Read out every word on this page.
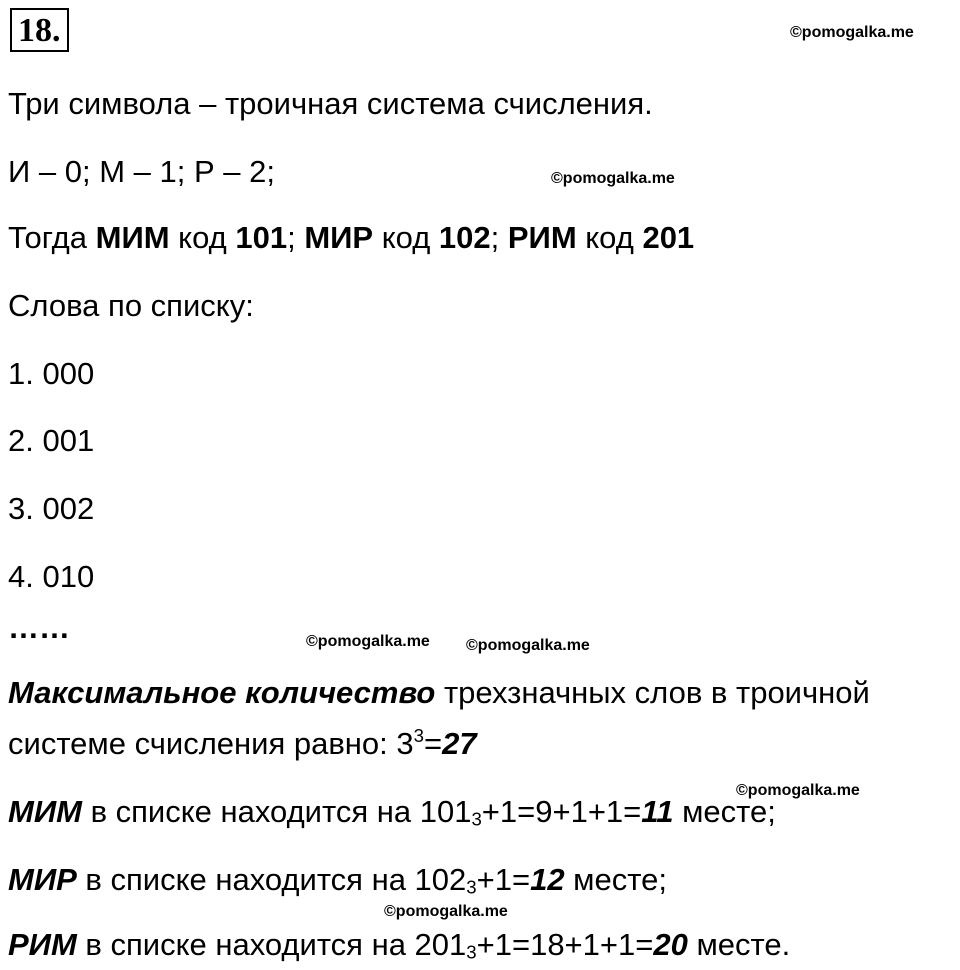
18.	©pomogalka.me
©pomogalka.me
©pomogalka.me ©pomogalka.me
©pomogalka.me
©pomogalka.me
Три символа – троичная система счисления.
И – 0; М – 1; Р – 2;
Тогда МИМ код 101; МИР код 102; РИМ код 201
Слова по списку:
1. 000
2. 001
3. 002
4. 010
……
Максимальное количество трехзначных слов в троичной
системе счисления равно: $3^3=27$
МИМ в списке находится на $101_3+1=9+1+1=11$ месте;
МИР в списке находится на $102_3+1=12$ месте;
РИМ в списке находится на $201_3+1=18+1+1=20$ месте.
